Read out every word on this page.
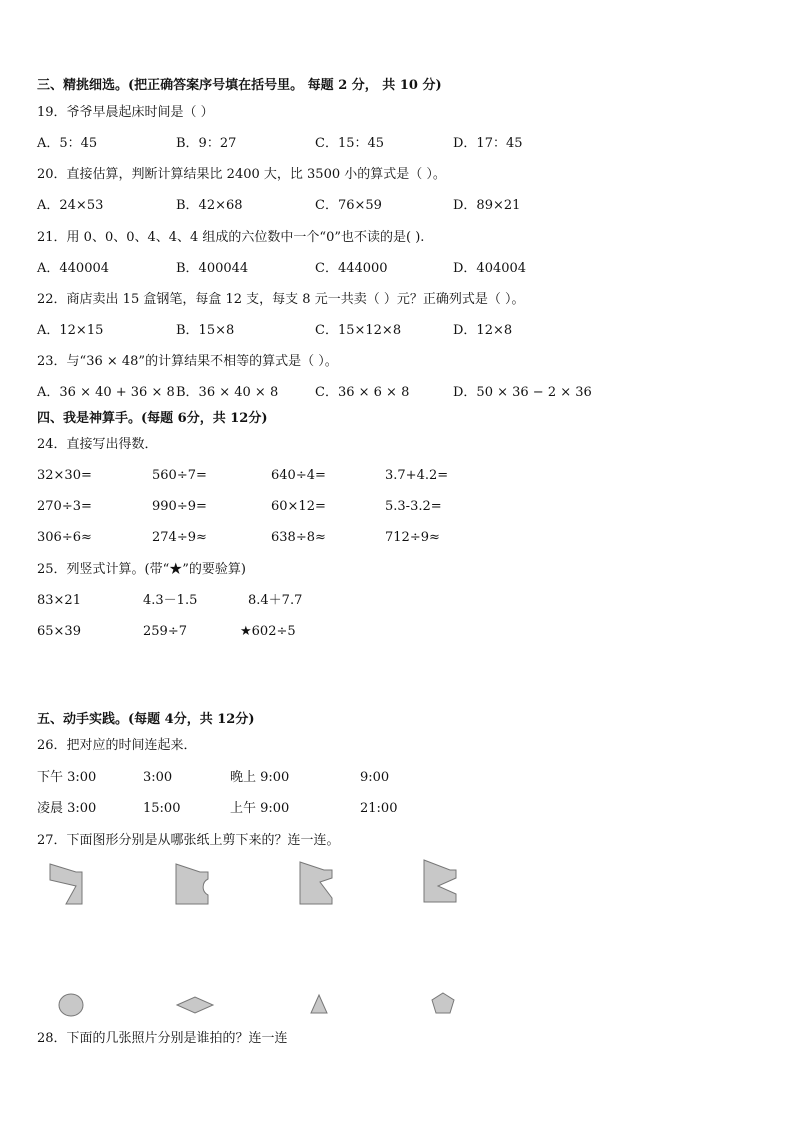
三、精挑细选。(把正确答案序号填在括号里。 每题 2 分， 共 10 分)
19．爷爷早晨起床时间是（ ）
A．5：45	B．9：27	C．15：45	D．17：45
20．直接估算，判断计算结果比 2400 大，比 3500 小的算式是（ ）。
A．24×53	B．42×68	C．76×59	D．89×21
21．用 0、0、0、4、4、4 组成的六位数中一个“0”也不读的是( ).
A．440004	B．400044	C．444000	D．404004
22．商店卖出 15 盒钢笔，每盒 12 支，每支 8 元一共卖（ ）元？正确列式是（ ）。
A．12×15	B．15×8	C．15×12×8	D．12×8
23．与“36 × 48”的计算结果不相等的算式是（ ）。
A．36 × 40 + 36 × 8 B．36 × 40 × 8	C．36 × 6 × 8	D．50 × 36 − 2 × 36
四、我是神算手。(每题 6分，共 12分)
24．直接写出得数．
32×30=	560÷7=	640÷4=	3.7+4.2=
270÷3=	990÷9=	60×12=	5.3-3.2=
306÷6≈	274÷9≈	638÷8≈	712÷9≈
25．列竖式计算。(带“★”的要验算)
83×21	4.3－1.5	8.4＋7.7
65×39	259÷7	★602÷5
五、动手实践。(每题 4分，共 12分)
26．把对应的时间连起来．
下午 3:00	3:00	晚上 9:00	9:00
凌晨 3:00	15:00	上午 9:00	21:00
27．下面图形分别是从哪张纸上剪下来的？连一连。
28．下面的几张照片分别是谁拍的？连一连
